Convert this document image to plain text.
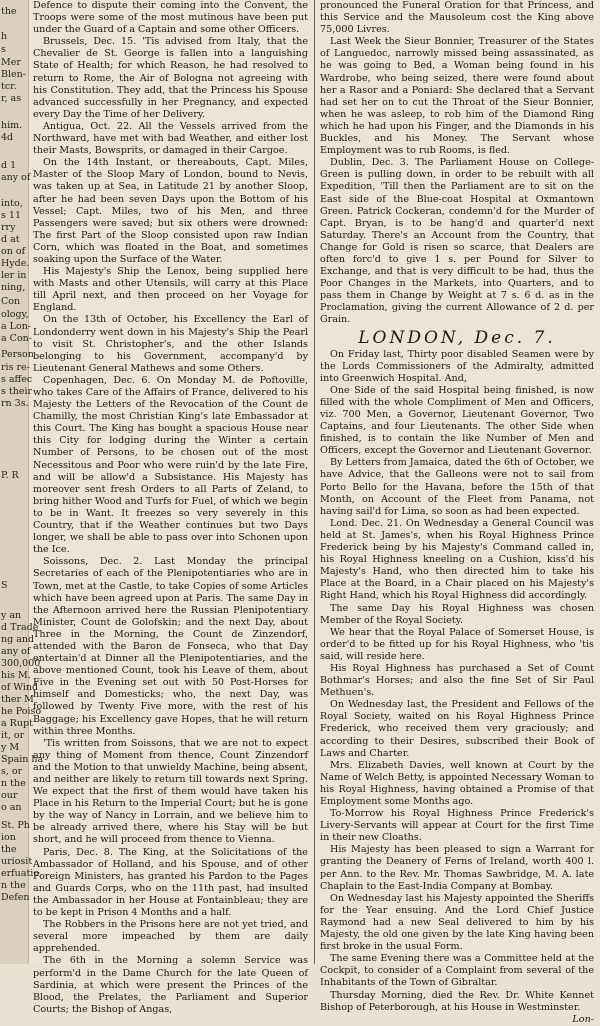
the
h
s
Mer
Blen-
tcr.
r, as
him.
4d
d 1
any of
into,
s 11
rry
d at
on of
Hyde.
ler in
ning,
Con
ology,
a Lon-
a Con-
Person
ris re-
s affec
s their
rn 3s.
P. R
S
y an
d Trade
ng and
any of
300,000
his M.
of Wind
ther M
he Poiso
a Rupt
it, or
y M
Spain ha
s, or
n the
our
o an
St. Ph
ion
the
uriosit
erfuatio
n the
Defen

Defence to dispute their coming into the Convent, the Troops were some of the most mutinous have been put under the Guard of a Captain and some other Officers.

Brussels, Dec. 15. 'Tis advised from Italy, that the Chevalier de St. George is fallen into a languishing State of Health; for which Reason, he had resolved to return to Rome, the Air of Bologna not agreeing with his Constitution. They add, that the Princess his Spouse advanced successfully in her Pregnancy, and expected every Day the Time of her Delivery.

Antigua, Oct. 22. All the Vessels arrived from the Northward, have met with bad Weather, and either lost their Masts, Bowsprits, or damaged in their Cargoe.

On the 14th Instant, or thereabouts, Capt. Miles, Master of the Sloop Mary of London, bound to Nevis, was taken up at Sea, in Latitude 21 by another Sloop, after he had been seven Days upon the Bottom of his Vessel; Capt. Miles, two of his Men, and three Passengers were saved; but six others were drowned: The first Part of the Sloop consisted upon raw Indian Corn, which was floated in the Boat, and sometimes soaking upon the Surface of the Water.

His Majesty's Ship the Lenox, being supplied here with Masts and other Utensils, will carry at this Place till April next, and then proceed on her Voyage for England.

On the 13th of October, his Excellency the Earl of Londonderry went down in his Majesty's Ship the Pearl to visit St. Christopher's, and the other Islands belonging to his Government, accompany'd by Lieutenant General Mathews and some Others.

Copenhagen, Dec. 6. On Monday M. de Poftoville, who takes Care of the Affairs of France, delivered to his Majesty the Letters of the Revocation of the Count de Chamilly, the most Christian King's late Embassador at this Court. The King has bought a spacious House near this City for lodging during the Winter a certain Number of Persons, to be chosen out of the most Necessitous and Poor who were ruin'd by the late Fire, and will be allow'd a Subsistance. His Majesty has moreover sent fresh Orders to all Parts of Zeland, to bring hither Wood and Turfs for Fuel, of which we begin to be in Want. It freezes so very severely in this Country, that if the Weather continues but two Days longer, we shall be able to pass over into Schonen upon the Ice.

Soissons, Dec. 2. Last Monday the principal Secretaries of each of the Plenipotentiaries who are in Town, met at the Castle, to take Copies of some Articles which have been agreed upon at Paris. The same Day in the Afternoon arrived here the Russian Plenipotentiary Minister, Count de Golofskin; and the next Day, about Three in the Morning, the Count de Zinzendorf, attended with the Baron de Fonseca, who that Day entertain'd at Dinner all the Plenipotentiaries, and the above mentioned Count, took his Leave of them, about Five in the Evening set out with 50 Post-Horses for himself and Domesticks; who, the next Day, was followed by Twenty Five more, with the rest of his Baggage; his Excellency gave Hopes, that he will return within three Months.

'Tis written from Soissons, that we are not to expect any thing of Moment from thence, Count Zinzendorf and the Motion to that unwieldy Machine, being absent, and neither are likely to return till towards next Spring. We expect that the first of them would have taken his Place in his Return to the Imperial Court; but he is gone by the way of Nancy in Lorrain, and we believe him to be already arrived there, where his Stay will be but short, and he will proceed from thence to Vienna.

Paris, Dec. 8. The King, at the Solicitations of the Ambassador of Holland, and his Spouse, and of other Foreign Ministers, has granted his Pardon to the Pages and Guards Corps, who on the 11th past, had insulted the Ambassador in her House at Fontainbleau; they are to be kept in Prison 4 Months and a half.

The Robbers in the Prisons here are not yet tried, and several more impeached by them are daily apprehended.

The 6th in the Morning a solemn Service was perform'd in the Dame Church for the late Queen of Sardinia, at which were present the Princes of the Blood, the Prelates, the Parliament and Superior Courts; the Bishop of Angas,

pronounced the Funeral Oration for that Princess, and this Service and the Mausoleum cost the King above 75,000 Livres.

Last Week the Sieur Bonnier, Treasurer of the States of Languedoc, narrowly missed being assassinated, as he was going to Bed, a Woman being found in his Wardrobe, who being seized, there were found about her a Rasor and a Poniard: She declared that a Servant had set her on to cut the Throat of the Sieur Bonnier, when he was asleep, to rob him of the Diamond Ring which he had upon his Finger, and the Diamonds in his Buckles, and his Money. The Servant whose Employment was to rub Rooms, is fled.

Dublin, Dec. 3. The Parliament House on College-Green is pulling down, in order to be rebuilt with all Expedition, 'Till then the Parliament are to sit on the East side of the Blue-coat Hospital at Oxmantown Green. Patrick Cockeran, condemn'd for the Murder of Capt. Bryan, is to be hang'd and quarter'd next Saturday. There's an Account from the Country, that Change for Gold is risen so scarce, that Dealers are often forc'd to give 1 s. per Pound for Silver to Exchange, and that is very difficult to be had, thus the Poor Changes in the Markets, into Quarters, and to pass them in Change by Weight at 7 s. 6 d. as in the Proclamation, giving the current Allowance of 2 d. per Grain.

LONDON, Dec. 7.

On Friday last, Thirty poor disabled Seamen were by the Lords Commissioners of the Admiralty, admitted into Greenwich Hospital. And,

One Side of the said Hospital being finished, is now filled with the whole Compliment of Men and Officers, viz. 700 Men, a Governor, Lieutenant Governor, Two Captains, and four Lieutenants. The other Side when finished, is to contain the like Number of Men and Officers, except the Governor and Lieutenant Governor.

By Letters from Jamaica, dated the 6th of October, we have Advice, that the Galleons were not to sail from Porto Bello for the Havana, before the 15th of that Month, on Account of the Fleet from Panama, not having sail'd for Lima, so soon as had been expected.

Lond. Dec. 21. On Wednesday a General Council was held at St. James's, when his Royal Highness Prince Frederick being by his Majesty's Command called in, his Royal Highness kneeling on a Cushion, kiss'd his Majesty's Hand, who then directed him to take his Place at the Board, in a Chair placed on his Majesty's Right Hand, which his Royal Highness did accordingly.

The same Day his Royal Highness was chosen Member of the Royal Society.

We hear that the Royal Palace of Somerset House, is order'd to be fitted up for his Royal Highness, who 'tis said, will reside here.

His Royal Highness has purchased a Set of Count Bothmar's Horses; and also the fine Set of Sir Paul Methuen's.

On Wednesday last, the President and Fellows of the Royal Society, waited on his Royal Highness Prince Frederick, who received them very graciously; and according to their Desires, subscribed their Book of Laws and Charter.

Mrs. Elizabeth Davies, well known at Court by the Name of Welch Betty, is appointed Necessary Woman to his Royal Highness, having obtained a Promise of that Employment some Months ago.

To-Morrow his Royal Highness Prince Frederick's Livery-Servants will appear at Court for the first Time in their new Cloaths.

His Majesty has been pleased to sign a Warrant for granting the Deanery of Ferns of Ireland, worth 400 l. per Ann. to the Rev. Mr. Thomas Sawbridge, M. A. late Chaplain to the East-India Company at Bombay.

On Wednesday last his Majesty appointed the Sheriffs for the Year ensuing. And the Lord Chief Justice Raymond had a new Seal delivered to him by his Majesty, the old one given by the late King having been first broke in the usual Form.

The same Evening there was a Committee held at the Cockpit, to consider of a Complaint from several of the Inhabitants of the Town of Gibraltar.

Thursday Morning, died the Rev. Dr. White Kennet Bishop of Peterborough, at his House in Westminster.

Lon-
